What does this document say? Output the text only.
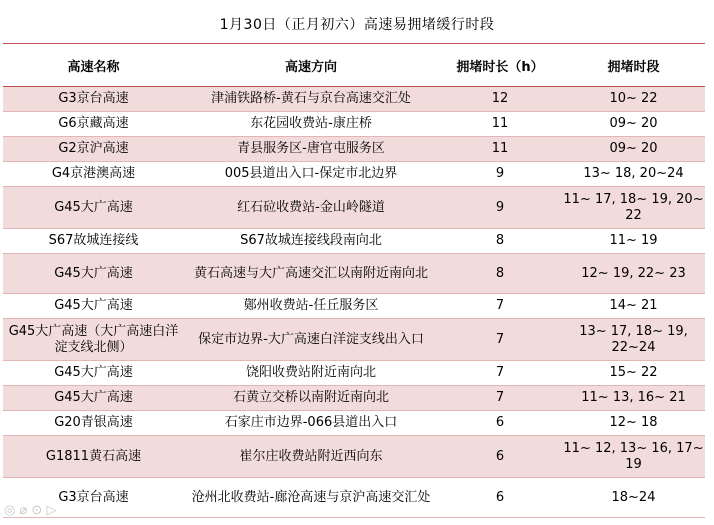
1月30日（正月初六）高速易拥堵缓行时段
高速名称	高速方向	拥堵时长（h）	拥堵时段
G3京台高速	津浦铁路桥-黄石与京台高速交汇处	12	10~ 22
G6京藏高速	东花园收费站-康庄桥	11	09~ 20
G2京沪高速	青县服务区-唐官屯服务区	11	09~ 20
G4京港澳高速	005县道出入口-保定市北边界	9	13~ 18, 20~24
G45大广高速	红石砬收费站-金山岭隧道	9	11~ 17, 18~ 19, 20~ 22
S67故城连接线	S67故城连接线段南向北	8	11~ 19
G45大广高速	黄石高速与大广高速交汇以南附近南向北	8	12~ 19, 22~ 23
G45大广高速	鄚州收费站-任丘服务区	7	14~ 21
G45大广高速（大广高速白洋淀支线北侧）	保定市边界-大广高速白洋淀支线出入口	7	13~ 17, 18~ 19, 22~24
G45大广高速	饶阳收费站附近南向北	7	15~ 22
G45大广高速	石黄立交桥以南附近南向北	7	11~ 13, 16~ 21
G20青银高速	石家庄市边界-066县道出入口	6	12~ 18
G1811黄石高速	崔尔庄收费站附近西向东	6	11~ 12, 13~ 16, 17~ 19
G3京台高速	沧州北收费站-廊沧高速与京沪高速交汇处	6	18~24
◎ ⌀ ⊙ ▷
